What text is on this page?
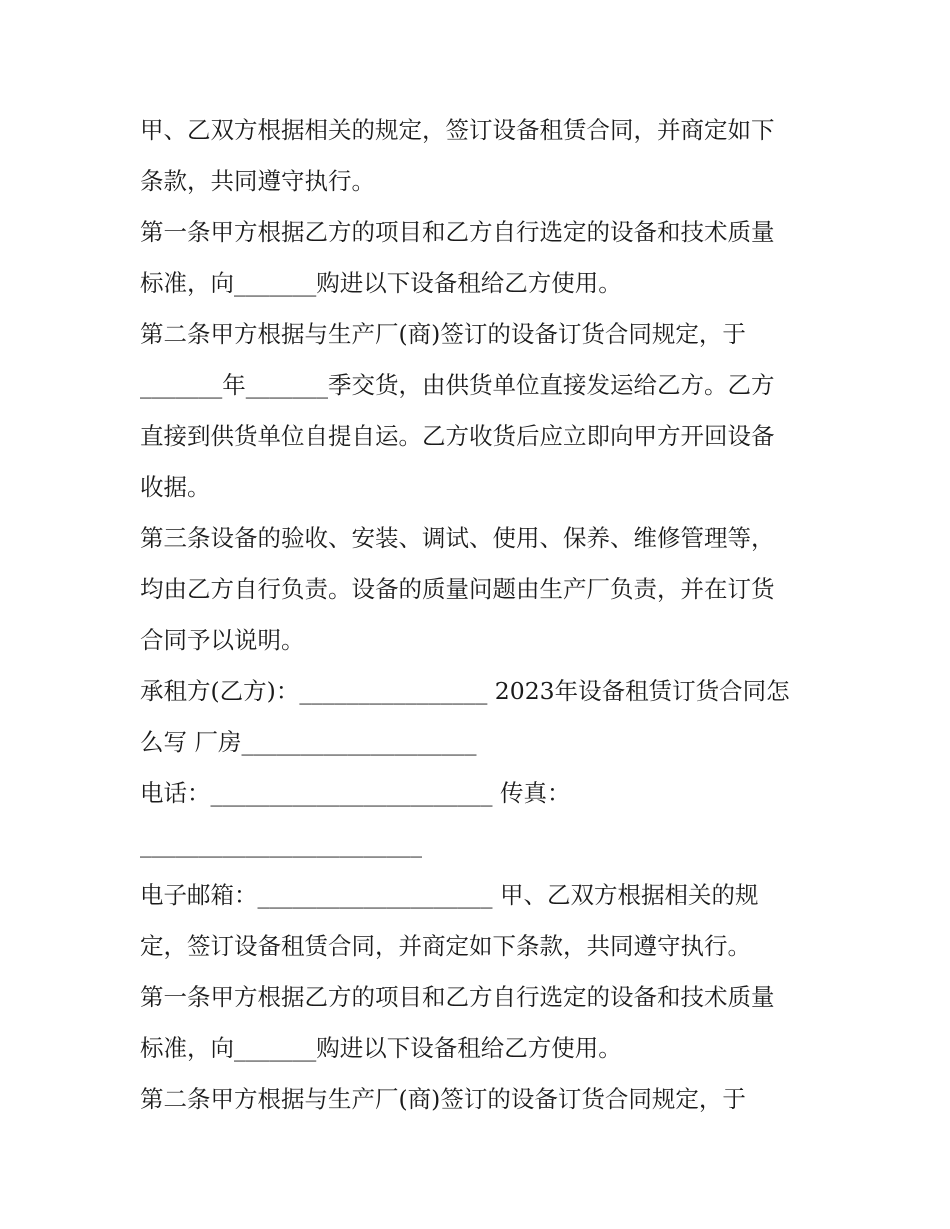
甲、乙双方根据相关的规定，签订设备租赁合同，并商定如下
条款，共同遵守执行。
第一条甲方根据乙方的项目和乙方自行选定的设备和技术质量
标准，向_______购进以下设备租给乙方使用。
第二条甲方根据与生产厂(商)签订的设备订货合同规定，于
_______年_______季交货，由供货单位直接发运给乙方。乙方
直接到供货单位自提自运。乙方收货后应立即向甲方开回设备
收据。
第三条设备的验收、安装、调试、使用、保养、维修管理等，
均由乙方自行负责。设备的质量问题由生产厂负责，并在订货
合同予以说明。
承租方(乙方)：________________ 2023年设备租赁订货合同怎
么写 厂房____________________
电话：________________________ 传真：
________________________
电子邮箱：____________________ 甲、乙双方根据相关的规
定，签订设备租赁合同，并商定如下条款，共同遵守执行。
第一条甲方根据乙方的项目和乙方自行选定的设备和技术质量
标准，向_______购进以下设备租给乙方使用。
第二条甲方根据与生产厂(商)签订的设备订货合同规定，于
